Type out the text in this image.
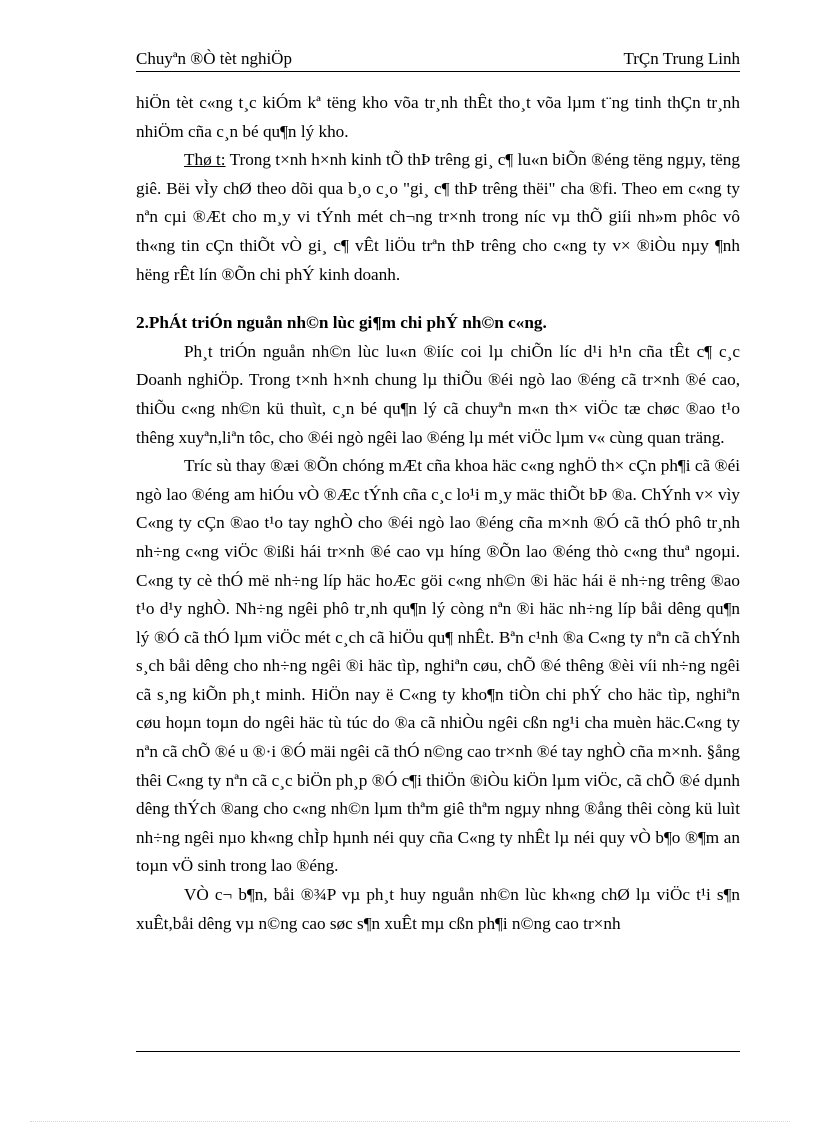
Chuyªn ®Ò tèt nghiÖp	TrÇn Trung Linh

hiÖn tèt c«ng t¸c kiÓm kª tëng kho võa tr¸nh thÊt tho¸t võa lµm t¨ng tinh thÇn tr¸nh nhiÖm cña c¸n bé qu¶n lý kho.

Thø t: Trong t×nh h×nh kinh tÕ thÞ trêng gi¸ c¶ lu«n biÕn ®éng tëng ngµy, tëng giê. Bëi vÌy chØ theo dõi qua b¸o c¸o "gi¸ c¶ thÞ trêng thëi" cha ®fi. Theo em c«ng ty nªn cµi ®Æt cho m¸y vi tÝnh mét ch¬ng tr×nh trong níc vµ thÕ giíi nh»m phôc vô th«ng tin cÇn thiÕt vÒ gi¸ c¶ vÊt liÖu trªn thÞ trêng cho c«ng ty v× ®iÒu nµy ¶nh hëng rÊt lín ®Õn chi phÝ kinh doanh.

2.PhÁt triÓn nguån nh©n lùc gi¶m chi phÝ nh©n c«ng.

Ph¸t triÓn nguån nh©n lùc lu«n ®iíc coi lµ chiÕn líc d¹i h¹n cña tÊt c¶ c¸c Doanh nghiÖp. Trong t×nh h×nh chung lµ thiÕu ®éi ngò lao ®éng cã tr×nh ®é cao, thiÕu c«ng nh©n kü thuìt, c¸n bé qu¶n lý cã chuyªn m«n th× viÖc tæ chøc ®ao t¹o thêng xuyªn,liªn tôc, cho ®éi ngò ngêi lao ®éng lµ mét viÖc lµm v« cùng quan träng.

Tríc sù thay ®æi ®Õn chóng mÆt cña khoa häc c«ng nghÖ th× cÇn ph¶i cã ®éi ngò lao ®éng am hiÓu vÒ ®Æc tÝnh cña c¸c lo¹i m¸y mäc thiÕt bÞ ®a. ChÝnh v× vìy C«ng ty cÇn ®ao t¹o tay nghÒ cho ®éi ngò lao ®éng cña m×nh ®Ó cã thÓ phô tr¸nh nh÷ng c«ng viÖc ®ißi hái tr×nh ®é cao vµ híng ®Õn lao ®éng thò c«ng thuª ngoµi. C«ng ty cè thÓ më nh÷ng líp häc hoÆc göi c«ng nh©n ®i häc hái ë nh÷ng trêng ®ao t¹o d¹y nghÒ. Nh÷ng ngêi phô tr¸nh qu¶n lý còng nªn ®i häc nh÷ng líp båi dêng qu¶n lý ®Ó cã thÓ lµm viÖc mét c¸ch cã hiÖu qu¶ nhÊt. Bªn c¹nh ®a C«ng ty nªn cã chÝnh s¸ch båi dêng cho nh÷ng ngêi ®i häc tìp, nghiªn cøu, chÕ ®é thêng ®èi víi nh÷ng ngêi cã s¸ng kiÕn ph¸t minh. HiÖn nay ë C«ng ty kho¶n tiÒn chi phÝ cho häc tìp, nghiªn cøu hoµn toµn do ngêi häc tù túc do ®a cã nhiÒu ngêi cßn ng¹i cha muèn häc.C«ng ty nªn cã chÕ ®é u ®·i ®Ó mäi ngêi cã thÓ n©ng cao tr×nh ®é tay nghÒ cña m×nh. §ång thêi C«ng ty nªn cã c¸c biÖn ph¸p ®Ó c¶i thiÖn ®iÒu kiÖn lµm viÖc, cã chÕ ®é dµnh dêng thÝch ®ang cho c«ng nh©n lµm thªm giê thªm ngµy nhng ®ång thêi còng kü luìt nh÷ng ngêi nµo kh«ng chÌp hµnh néi quy cña C«ng ty nhÊt lµ néi quy vÒ b¶o ®¶m an toµn vÖ sinh trong lao ®éng.

VÒ c¬ b¶n, båi ®¾P vµ ph¸t huy nguån nh©n lùc kh«ng chØ lµ viÖc t¹i s¶n xuÊt,båi dêng vµ n©ng cao søc s¶n xuÊt mµ cßn ph¶i n©ng cao tr×nh
